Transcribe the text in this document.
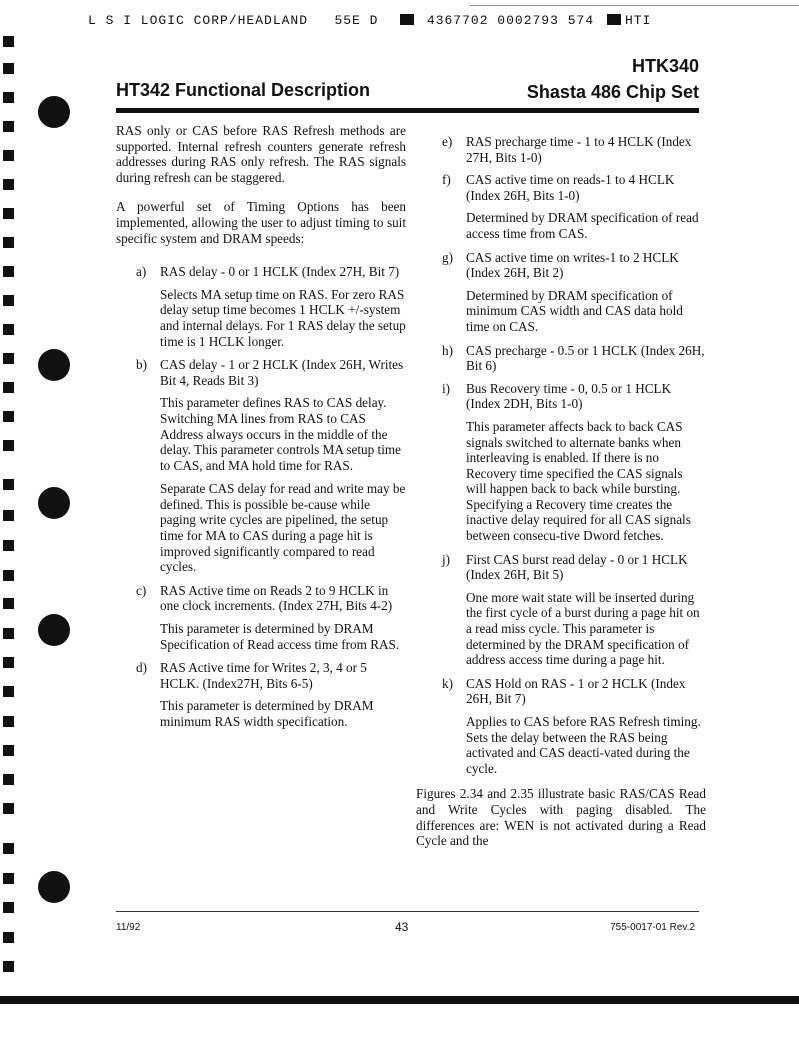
L S I LOGIC CORP/HEADLAND 55E D	4367702 0002793 574 HTI
HTK340
HT342 Functional Description	Shasta 486 Chip Set

RAS only or CAS before RAS Refresh methods are supported. Internal refresh counters generate refresh addresses during RAS only refresh. The RAS signals during refresh can be staggered.

A powerful set of Timing Options has been implemented, allowing the user to adjust timing to suit specific system and DRAM speeds:

a) RAS delay - 0 or 1 HCLK (Index 27H, Bit 7)
Selects MA setup time on RAS. For zero RAS delay setup time becomes 1 HCLK +/-system and internal delays. For 1 RAS delay the setup time is 1 HCLK longer.
b) CAS delay - 1 or 2 HCLK (Index 26H, Writes Bit 4, Reads Bit 3)
This parameter defines RAS to CAS delay. Switching MA lines from RAS to CAS Address always occurs in the middle of the delay. This parameter controls MA setup time to CAS, and MA hold time for RAS.
Separate CAS delay for read and write may be defined. This is possible be-cause while paging write cycles are pipelined, the setup time for MA to CAS during a page hit is improved significantly compared to read cycles.
c) RAS Active time on Reads 2 to 9 HCLK in one clock increments. (Index 27H, Bits 4-2)
This parameter is determined by DRAM Specification of Read access time from RAS.
d) RAS Active time for Writes 2, 3, 4 or 5 HCLK. (Index27H, Bits 6-5)
This parameter is determined by DRAM minimum RAS width specification.
e) RAS precharge time - 1 to 4 HCLK (Index 27H, Bits 1-0)
f) CAS active time on reads-1 to 4 HCLK (Index 26H, Bits 1-0)
Determined by DRAM specification of read access time from CAS.
g) CAS active time on writes-1 to 2 HCLK (Index 26H, Bit 2)
Determined by DRAM specification of minimum CAS width and CAS data hold time on CAS.
h) CAS precharge - 0.5 or 1 HCLK (Index 26H, Bit 6)
i) Bus Recovery time - 0, 0.5 or 1 HCLK (Index 2DH, Bits 1-0)
This parameter affects back to back CAS signals switched to alternate banks when interleaving is enabled. If there is no Recovery time specified the CAS signals will happen back to back while bursting. Specifying a Recovery time creates the inactive delay required for all CAS signals between consecu-tive Dword fetches.
j) First CAS burst read delay - 0 or 1 HCLK (Index 26H, Bit 5)
One more wait state will be inserted during the first cycle of a burst during a page hit on a read miss cycle. This parameter is determined by the DRAM specification of address access time during a page hit.
k) CAS Hold on RAS - 1 or 2 HCLK (Index 26H, Bit 7)
Applies to CAS before RAS Refresh timing. Sets the delay between the RAS being activated and CAS deacti-vated during the cycle.

Figures 2.34 and 2.35 illustrate basic RAS/CAS Read and Write Cycles with paging disabled. The differences are: WEN is not activated during a Read Cycle and the

11/92	43	755-0017-01 Rev.2
